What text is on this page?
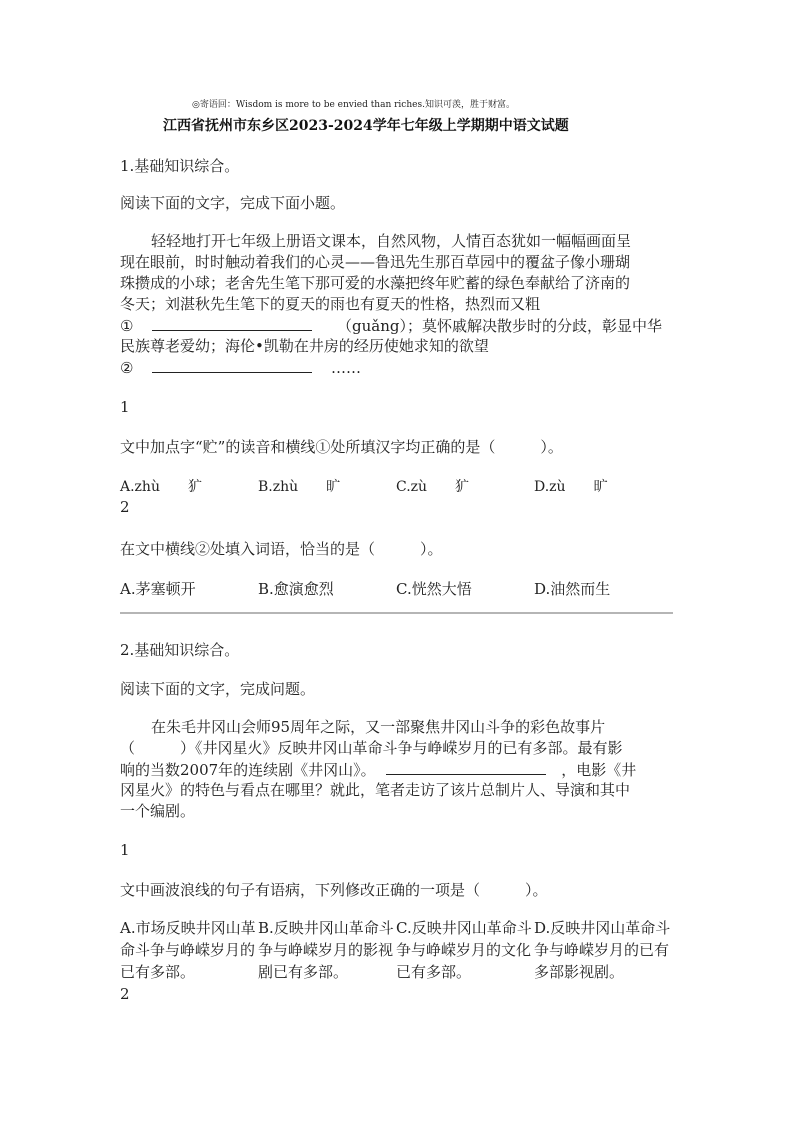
◎寄语回：Wisdom is more to be envied than riches.知识可羡，胜于财富。
江西省抚州市东乡区2023-2024学年七年级上学期期中语文试题
1.基础知识综合。
阅读下面的文字，完成下面小题。
轻轻地打开七年级上册语文课本，自然风物，人情百态犹如一幅幅画面呈
现在眼前，时时触动着我们的心灵——鲁迅先生那百草园中的覆盆子像小珊瑚
珠攒成的小球；老舍先生笔下那可爱的水藻把终年贮蓄的绿色奉献给了济南的
冬天；刘湛秋先生笔下的夏天的雨也有夏天的性格，热烈而又粗
①	（guǎng）；莫怀戚解决散步时的分歧，彰显中华
民族尊老爱幼；海伦•凯勒在井房的经历使她求知的欲望
②	……
1
文中加点字“贮”的读音和横线①处所填汉字均正确的是（　　　）。
A.zhù　　犷	B.zhù　　旷	C.zù　　犷	D.zù　　旷
2
在文中横线②处填入词语，恰当的是（　　　）。
A.茅塞顿开	B.愈演愈烈	C.恍然大悟	D.油然而生
2.基础知识综合。
阅读下面的文字，完成问题。
在朱毛井冈山会师95周年之际，又一部聚焦井冈山斗争的彩色故事片
（　　　）《井冈星火》反映井冈山革命斗争与峥嵘岁月的已有多部。最有影
响的当数2007年的连续剧《井冈山》。	，电影《井
冈星火》的特色与看点在哪里？就此，笔者走访了该片总制片人、导演和其中
一个编剧。
1
文中画波浪线的句子有语病，下列修改正确的一项是（　　　）。
A.市场反映井冈山革命斗争与峥嵘岁月的已有多部。
B.反映井冈山革命斗争与峥嵘岁月的影视剧已有多部。
C.反映井冈山革命斗争与峥嵘岁月的文化已有多部。
D.反映井冈山革命斗争与峥嵘岁月的已有多部影视剧。
2
